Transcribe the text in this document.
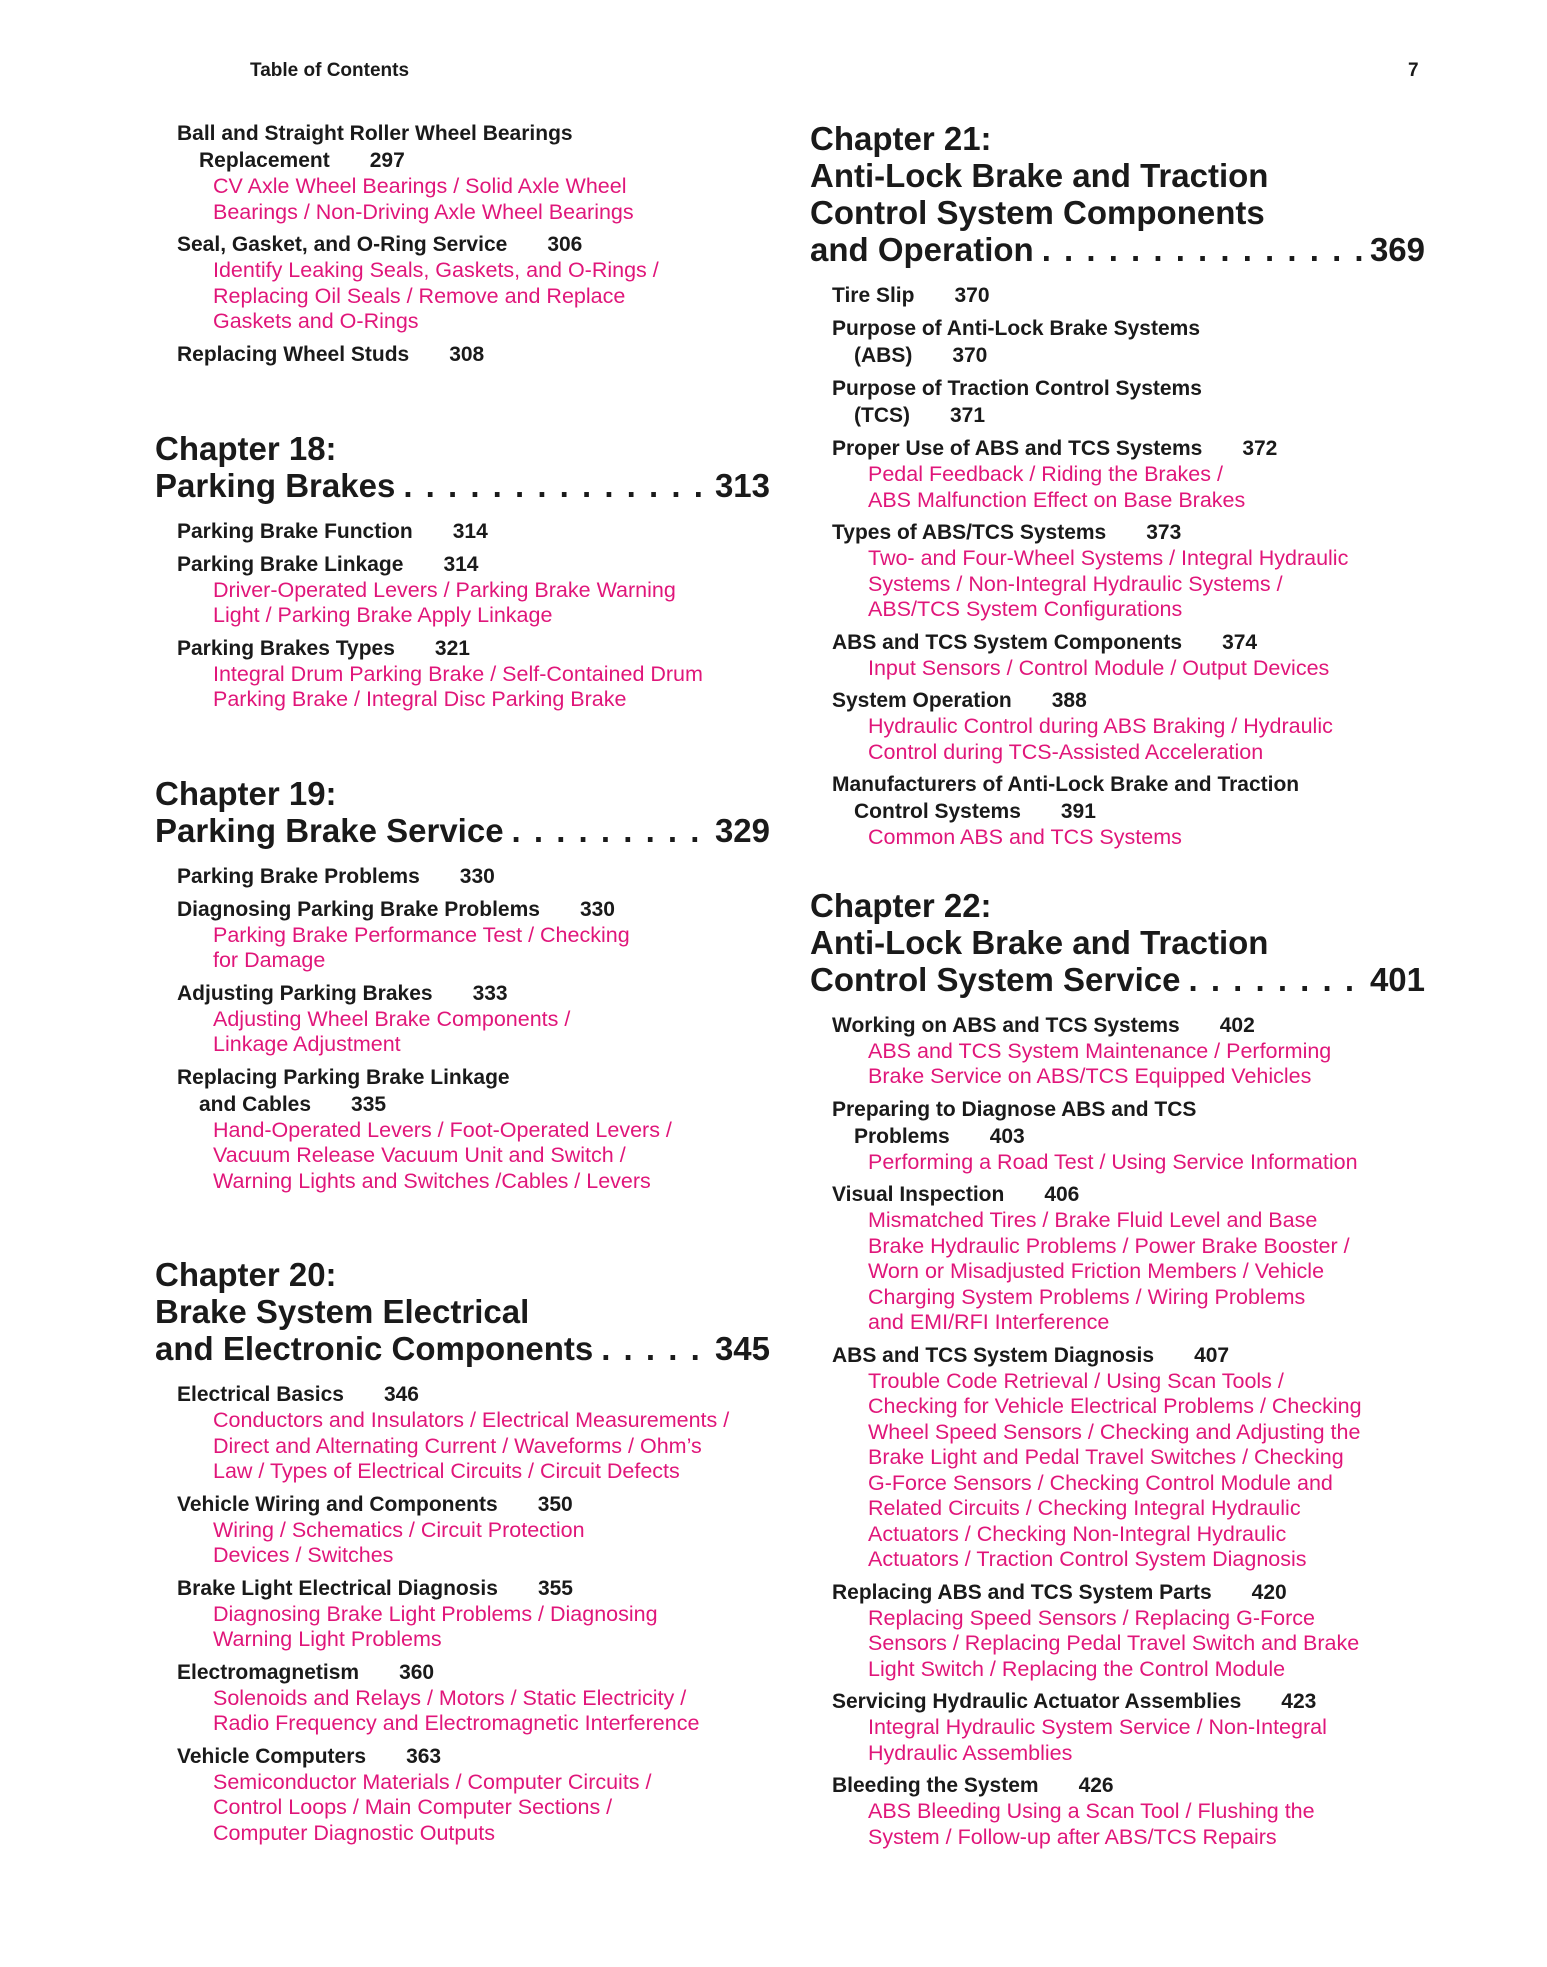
Table of Contents	7
Ball and Straight Roller Wheel Bearings
Replacement 297
CV Axle Wheel Bearings / Solid Axle Wheel
Bearings / Non-Driving Axle Wheel Bearings
Seal, Gasket, and O-Ring Service 306
Identify Leaking Seals, Gaskets, and O-Rings /
Replacing Oil Seals / Remove and Replace
Gaskets and O-Rings
Replacing Wheel Studs 308
Chapter 18:
Parking Brakes . . .	313
Parking Brake Function 314
Parking Brake Linkage 314
Driver-Operated Levers / Parking Brake Warning
Light / Parking Brake Apply Linkage
Parking Brakes Types 321
Integral Drum Parking Brake / Self-Contained Drum
Parking Brake / Integral Disc Parking Brake
Chapter 19:
Parking Brake Service . . .	329
Parking Brake Problems 330
Diagnosing Parking Brake Problems 330
Parking Brake Performance Test / Checking
for Damage
Adjusting Parking Brakes 333
Adjusting Wheel Brake Components /
Linkage Adjustment
Replacing Parking Brake Linkage
and Cables 335
Hand-Operated Levers / Foot-Operated Levers /
Vacuum Release Vacuum Unit and Switch /
Warning Lights and Switches /Cables / Levers
Chapter 20:
Brake System Electrical
and Electronic Components . . .	345
Electrical Basics 346
Conductors and Insulators / Electrical Measurements /
Direct and Alternating Current / Waveforms / Ohm’s
Law / Types of Electrical Circuits / Circuit Defects
Vehicle Wiring and Components 350
Wiring / Schematics / Circuit Protection
Devices / Switches
Brake Light Electrical Diagnosis 355
Diagnosing Brake Light Problems / Diagnosing
Warning Light Problems
Electromagnetism 360
Solenoids and Relays / Motors / Static Electricity /
Radio Frequency and Electromagnetic Interference
Vehicle Computers 363
Semiconductor Materials / Computer Circuits /
Control Loops / Main Computer Sections /
Computer Diagnostic Outputs
Chapter 21:
Anti-Lock Brake and Traction
Control System Components
and Operation . . .	369
Tire Slip 370
Purpose of Anti-Lock Brake Systems
(ABS) 370
Purpose of Traction Control Systems
(TCS) 371
Proper Use of ABS and TCS Systems 372
Pedal Feedback / Riding the Brakes /
ABS Malfunction Effect on Base Brakes
Types of ABS/TCS Systems 373
Two- and Four-Wheel Systems / Integral Hydraulic
Systems / Non-Integral Hydraulic Systems /
ABS/TCS System Configurations
ABS and TCS System Components 374
Input Sensors / Control Module / Output Devices
System Operation 388
Hydraulic Control during ABS Braking / Hydraulic
Control during TCS-Assisted Acceleration
Manufacturers of Anti-Lock Brake and Traction
Control Systems 391
Common ABS and TCS Systems
Chapter 22:
Anti-Lock Brake and Traction
Control System Service . . .	401
Working on ABS and TCS Systems 402
ABS and TCS System Maintenance / Performing
Brake Service on ABS/TCS Equipped Vehicles
Preparing to Diagnose ABS and TCS
Problems 403
Performing a Road Test / Using Service Information
Visual Inspection 406
Mismatched Tires / Brake Fluid Level and Base
Brake Hydraulic Problems / Power Brake Booster /
Worn or Misadjusted Friction Members / Vehicle
Charging System Problems / Wiring Problems
and EMI/RFI Interference
ABS and TCS System Diagnosis 407
Trouble Code Retrieval / Using Scan Tools /
Checking for Vehicle Electrical Problems / Checking
Wheel Speed Sensors / Checking and Adjusting the
Brake Light and Pedal Travel Switches / Checking
G-Force Sensors / Checking Control Module and
Related Circuits / Checking Integral Hydraulic
Actuators / Checking Non-Integral Hydraulic
Actuators / Traction Control System Diagnosis
Replacing ABS and TCS System Parts 420
Replacing Speed Sensors / Replacing G-Force
Sensors / Replacing Pedal Travel Switch and Brake
Light Switch / Replacing the Control Module
Servicing Hydraulic Actuator Assemblies 423
Integral Hydraulic System Service / Non-Integral
Hydraulic Assemblies
Bleeding the System 426
ABS Bleeding Using a Scan Tool / Flushing the
System / Follow-up after ABS/TCS Repairs
